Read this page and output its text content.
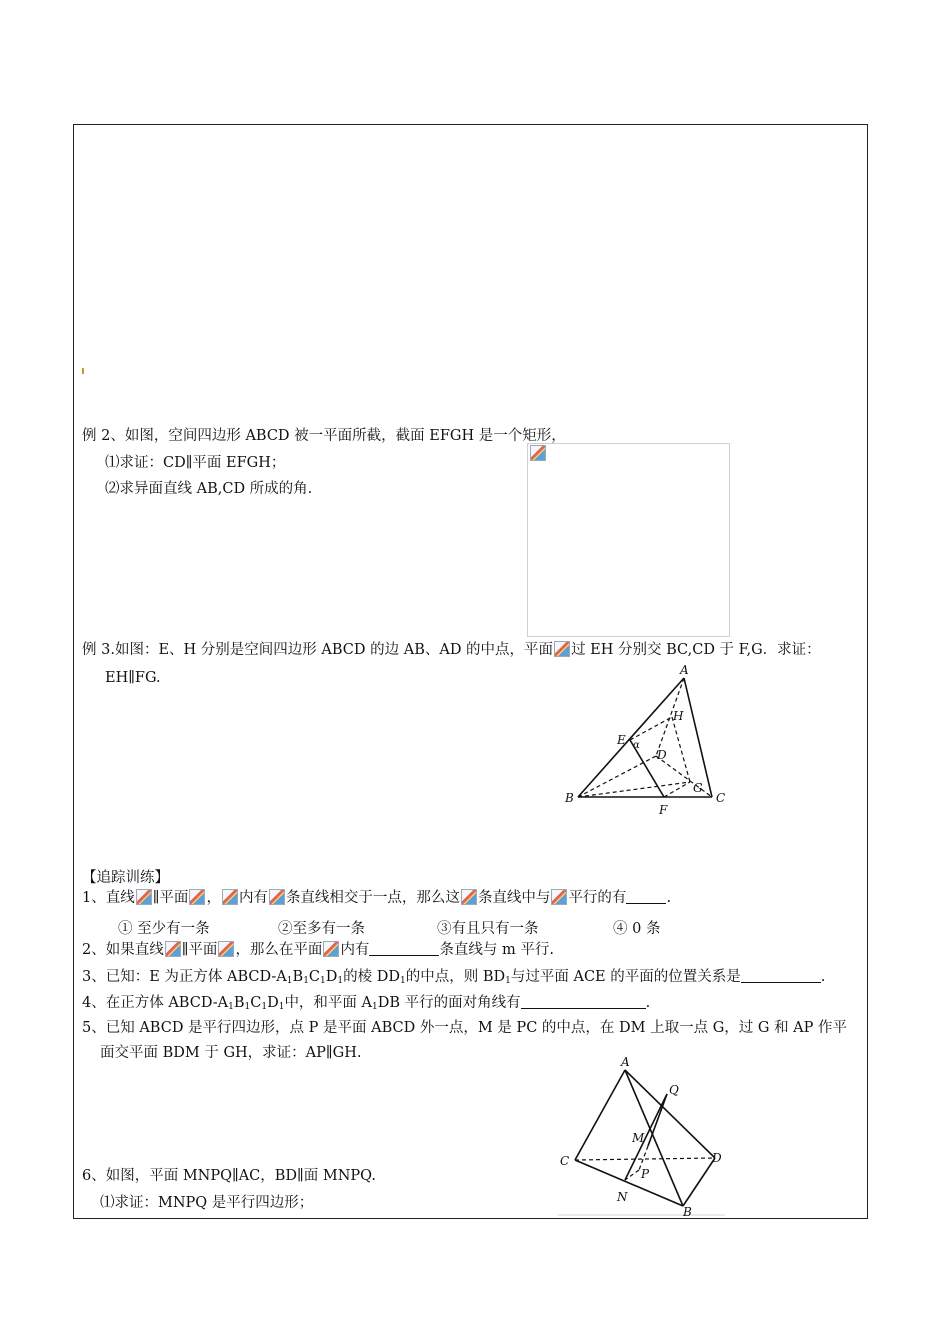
例 2、如图，空间四边形 ABCD 被一平面所截，截面 EFGH 是一个矩形，
⑴求证：CD∥平面 EFGH；
⑵求异面直线 AB,CD 所成的角.
例 3.如图：E、H 分别是空间四边形 ABCD 的边 AB、AD 的中点，平面 过 EH 分别交 BC,CD 于 F,G．求证：
EH∥FG.	A
H
E α
D
G
B	C
F
【追踪训练】
1、直线 ∥平面 ， 内有 条直线相交于一点，那么这 条直线中与 平行的有	.
① 至少有一条	②至多有一条	③有且只有一条	④ 0 条
2、如果直线 ∥平面 ，那么在平面 内有	条直线与 m 平行.
3、已知：E 为正方体 ABCD-$A_1B_1C_1D_1$的棱 $DD_1$的中点，则 $BD_1$与过平面 ACE 的平面的位置关系是	.
4、在正方体 ABCD-$A_1B_1C_1D_1$中，和平面 $A_1DB$ 平行的面对角线有	.
5、已知 ABCD 是平行四边形，点 P 是平面 ABCD 外一点，M 是 PC 的中点，在 DM 上取一点 G，过 G 和 AP 作平
面交平面 BDM 于 GH，求证：AP∥GH.
6、如图，平面 MNPQ∥AC，BD∥面 MNPQ.
⑴求证：MNPQ 是平行四边形；
A
Q
M
C
P
D
N
B
